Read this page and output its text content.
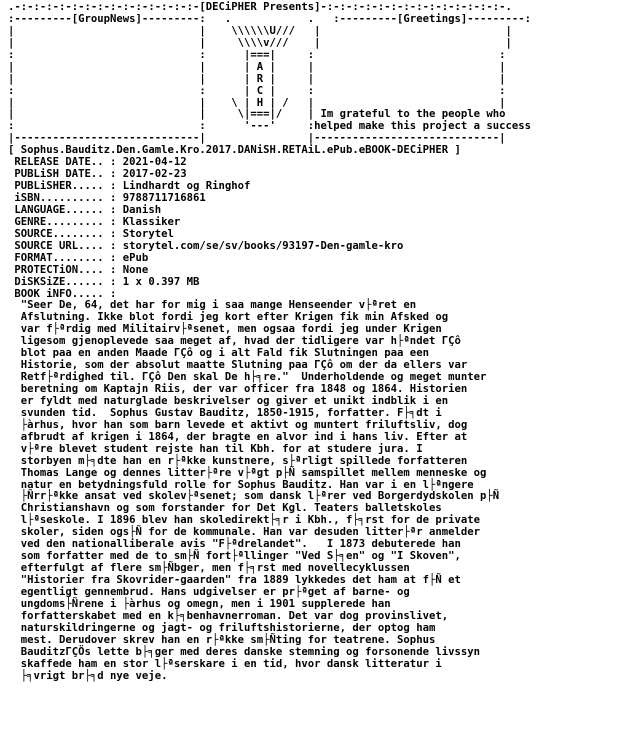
.-:-:-:-:-:-:-:-:-:-:-:-:-:-:-[DECiPHER Presents]-:-:-:-:-:-:-:-:-:-:-:-:-:-:-.
:---------[GroupNews]---------:   .            .   :---------[Greetings]---------:
|                             |    \\\\\\U///   |                             |
|                             |     \\\\v///    |                             |
:                             :      |===|     :                             :
|                             |      | A |     |                             |
|                             |      | R |     |                             |
:                             :      | C |     :                             :
|                             |    \ | H | /   |                             |
|                             |     \|===|/    | Im grateful to the people who
:                             :      '---'     :helped make this project a success
|-----------------------------|                |-----------------------------|
[ Sophus.Bauditz.Den.Gamle.Kro.2017.DANiSH.RETAiL.ePub.eBOOK-DECiPHER ]
RELEASE DATE.. : 2021-04-12
PUBLiSH DATE.. : 2017-02-23
PUBLiSHER..... : Lindhardt og Ringhof
iSBN.......... : 9788711716861
LANGUAGE...... : Danish
GENRE......... : Klassiker
SOURCE........ : Storytel
SOURCE URL.... : storytel.com/se/sv/books/93197-Den-gamle-kro
FORMAT........ : ePub
PROTECTiON.... : None
DiSKSiZE...... : 1 x 0.397 MB
BOOK iNFO..... :
"Seer De, 64, det har for mig i saa mange Henseender v├ªret en
Afslutning. Ikke blot fordi jeg kort efter Krigen fik min Afsked og
var f├ªrdig med Militairv├ªsenet, men ogsaa fordi jeg under Krigen
ligesom gjenoplevede saa meget af, hvad der tidligere var h├ªndet ΓÇô
blot paa en anden Maade ΓÇô og i alt Fald fik Slutningen paa een
Historie, som der absolut maatte Slutning paa ΓÇô om der da ellers var
Retf├ªrdighed til. ΓÇô Den skal De h├╕re."  Underholdende og meget munter
beretning om Kaptajn Riis, der var officer fra 1848 og 1864. Historien
er fyldt med naturglade beskrivelser og giver et unikt indblik i en
svunden tid.  Sophus Gustav Bauditz, 1850-1915, forfatter. F├╕dt i
├àrhus, hvor han som barn levede et aktivt og muntert friluftsliv, dog
afbrudt af krigen i 1864, der bragte en alvor ind i hans liv. Efter at
v├ªre blevet student rejste han til Kbh. for at studere jura. I
storbyen m├╕dte han en r├ªkke kunstnere, s├ªrligt spillede forfatteren
Thomas Lange og dennes litter├ªre v├ªgt p├Ñ samspillet mellem menneske og
natur en betydningsfuld rolle for Sophus Bauditz. Han var i en l├ªngere
├Ñrr├ªkke ansat ved skolev├ªsenet; som dansk l├ªrer ved Borgerdydskolen p├Ñ
Christianshavn og som forstander for Det Kgl. Teaters balletskoles
l├ªseskole. I 1896 blev han skoledirekt├╕r i Kbh., f├╕rst for de private
skoler, siden ogs├Ñ for de kommunale. Han var desuden litter├ªr anmelder
ved den nationalliberale avis "F├ªdrelandet".   I 1873 debuterede han
som forfatter med de to sm├Ñ fort├ªllinger "Ved S├╕en" og "I Skoven",
efterfulgt af flere sm├Ñbger, men f├╕rst med novellecyklussen
"Historier fra Skovrider-gaarden" fra 1889 lykkedes det ham at f├Ñ et
egentligt gennembrud. Hans udgivelser er pr├ªget af barne- og
ungdoms├Ñrene i ├àrhus og omegn, men i 1901 supplerede han
forfatterskabet med en k├╕benhavnerroman. Det var dog provinslivet,
naturskildringerne og jagt- og friluftshistorierne, der optog ham
mest. Derudover skrev han en r├ªkke sm├Ñting for teatrene. Sophus
BauditzΓÇÖs lette b├╕ger med deres danske stemning og forsonende livssyn
skaffede ham en stor l├ªserskare i en tid, hvor dansk litteratur i
├╕vrigt br├╕d nye veje.
